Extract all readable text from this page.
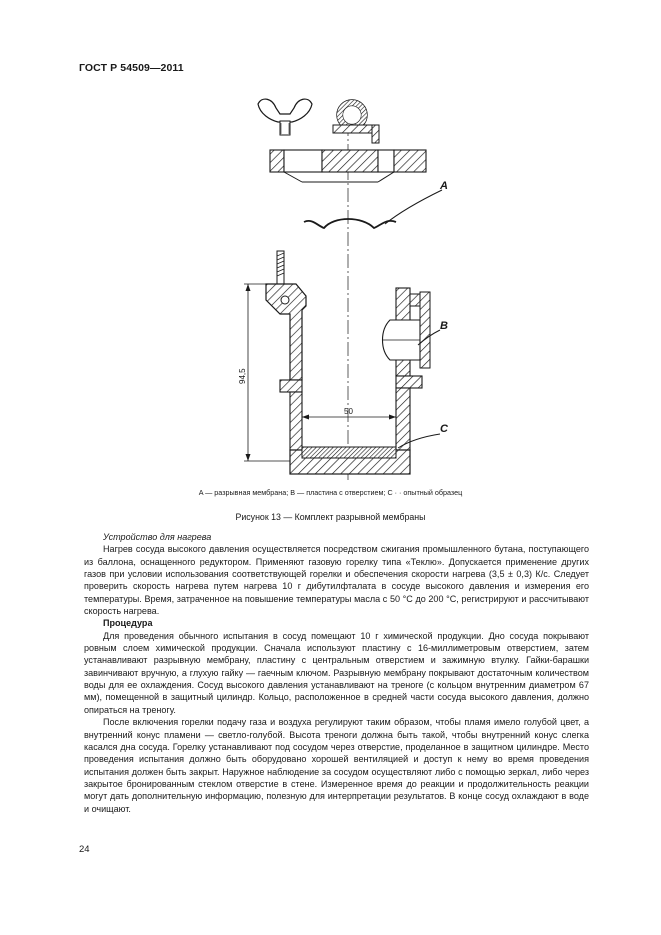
ГОСТ Р 54509—2011
A
B
C
50
94,5
A — разрывная мембрана; B — пластина с отверстием; C · · опытный образец
Рисунок 13 — Комплект разрывной мембраны

Устройство для нагрева

Нагрев сосуда высокого давления осуществляется посредством сжигания промышленного бутана, поступающего из баллона, оснащенного редуктором. Применяют газовую горелку типа «Теклю». Допускается применение других газов при условии использования соответствующей горелки и обеспечения скорости нагрева (3,5 ± 0,3) К/с. Следует проверить скорость нагрева путем нагрева 10 г дибутилфталата в сосуде высокого давления и измерения его температуры. Время, затраченное на повышение температуры масла с 50 °С до 200 °С, регистрируют и рассчитывают скорость нагрева.

Процедура

Для проведения обычного испытания в сосуд помещают 10 г химической продукции. Дно сосуда покрывают ровным слоем химической продукции. Сначала используют пластину с 16-миллиметровым отверстием, затем устанавливают разрывную мембрану, пластину с центральным отверстием и зажимную втулку. Гайки-барашки завинчивают вручную, а глухую гайку — гаечным ключом. Разрывную мембрану покрывают достаточным количеством воды для ее охлаждения. Сосуд высокого давления устанавливают на треноге (с кольцом внутренним диаметром 67 мм), помещенной в защитный цилиндр. Кольцо, расположенное в средней части сосуда высокого давления, должно опираться на треногу.

После включения горелки подачу газа и воздуха регулируют таким образом, чтобы пламя имело голубой цвет, а внутренний конус пламени — светло-голубой. Высота треноги должна быть такой, чтобы внутренний конус слегка касался дна сосуда. Горелку устанавливают под сосудом через отверстие, проделанное в защитном цилиндре. Место проведения испытания должно быть оборудовано хорошей вентиляцией и доступ к нему во время проведения испытания должен быть закрыт. Наружное наблюдение за сосудом осуществляют либо с помощью зеркал, либо через закрытое бронированным стеклом отверстие в стене. Измеренное время до реакции и продолжительность реакции могут дать дополнительную информацию, полезную для интерпретации результатов. В конце сосуд охлаждают в воде и очищают.

24
